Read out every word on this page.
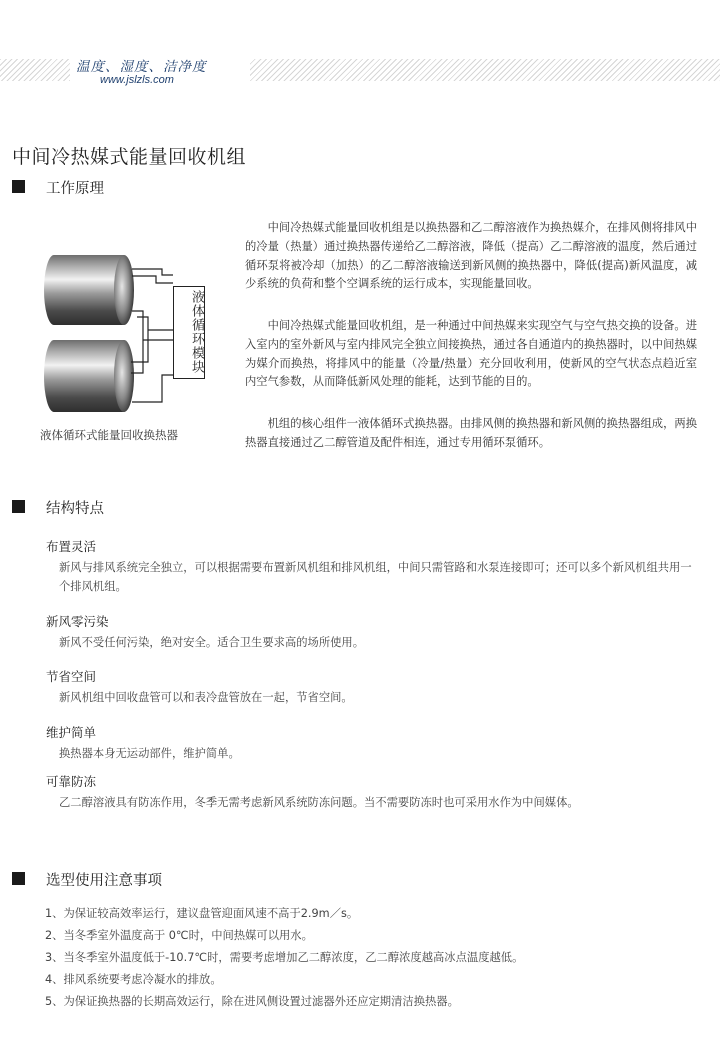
温度、湿度、洁净度
www.jslzls.com
中间冷热媒式能量回收机组
工作原理
液体循环模块
液体循环式能量回收换热器

中间冷热媒式能量回收机组是以换热器和乙二醇溶液作为换热媒介，在排风侧将排风中的冷量（热量）通过换热器传递给乙二醇溶液，降低（提高）乙二醇溶液的温度，然后通过循环泵将被冷却（加热）的乙二醇溶液输送到新风侧的换热器中，降低(提高)新风温度，减少系统的负荷和整个空调系统的运行成本，实现能量回收。

中间冷热媒式能量回收机组，是一种通过中间热媒来实现空气与空气热交换的设备。进入室内的室外新风与室内排风完全独立间接换热，通过各自通道内的换热器时，以中间热媒为媒介而换热，将排风中的能量（冷量/热量）充分回收利用，使新风的空气状态点趋近室内空气参数，从而降低新风处理的能耗，达到节能的目的。

机组的核心组件一液体循环式换热器。由排风侧的换热器和新风侧的换热器组成，两换热器直接通过乙二醇管道及配件相连，通过专用循环泵循环。

结构特点
布置灵活

新风与排风系统完全独立，可以根据需要布置新风机组和排风机组，中间只需管路和水泵连接即可；还可以多个新风机组共用一个排风机组。

新风零污染

新风不受任何污染，绝对安全。适合卫生要求高的场所使用。

节省空间

新风机组中回收盘管可以和表冷盘管放在一起，节省空间。

维护简单

换热器本身无运动部件，维护简单。

可靠防冻

乙二醇溶液具有防冻作用，冬季无需考虑新风系统防冻问题。当不需要防冻时也可采用水作为中间媒体。

选型使用注意事项
1、为保证较高效率运行，建议盘管迎面风速不高于2.9m／s。
2、当冬季室外温度高于 0℃时，中间热媒可以用水。
3、当冬季室外温度低于-10.7℃时，需要考虑增加乙二醇浓度，乙二醇浓度越高冰点温度越低。
4、排风系统要考虑冷凝水的排放。
5、为保证换热器的长期高效运行，除在进风侧设置过滤器外还应定期清洁换热器。
